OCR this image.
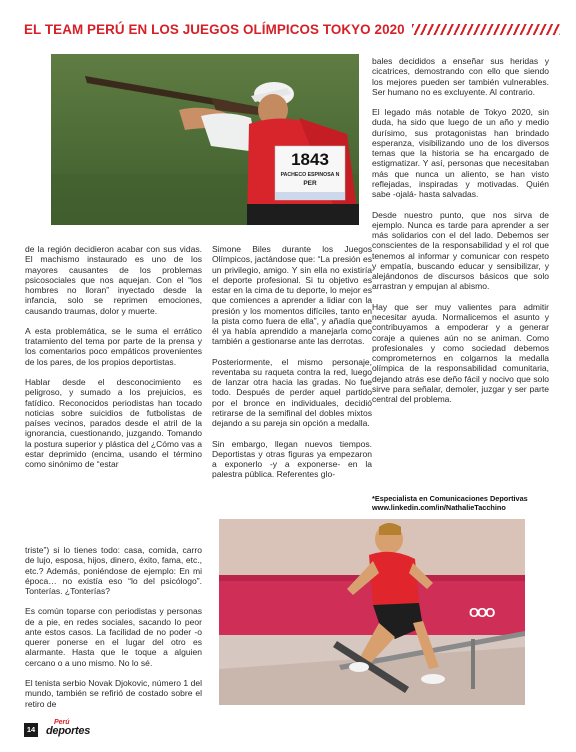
EL TEAM PERÚ EN LOS JUEGOS OLÍMPICOS TOKYO 2020
1843
PACHECO ESPINOSA N
PER

de la región decidieron acabar con sus vidas. El machismo instaurado es uno de los mayores causantes de los problemas psicosociales que nos aquejan. Con el “los hombres no lloran” inyectado desde la infancia, solo se reprimen emociones, causando traumas, dolor y muerte.

A esta problemática, se le suma el errático tratamiento del tema por parte de la prensa y los comentarios poco empáticos provenientes de los pares, de los propios deportistas.

Hablar desde el desconocimiento es peligroso, y sumado a los prejuicios, es fatídico. Reconocidos periodistas han tocado noticias sobre suicidios de futbolistas de países vecinos, parados desde el atril de la ignorancia, cuestionando, juzgando. Tomando la postura superior y plástica del ¿Cómo vas a estar deprimido (encima, usando el término como sinónimo de “estar

triste”) si lo tienes todo: casa, comida, carro de lujo, esposa, hijos, dinero, éxito, fama, etc., etc.? Además, poniéndose de ejemplo: En mi época… no existía eso “lo del psicólogo”. Tonterías. ¿Tonterías?

Es común toparse con periodistas y personas de a pie, en redes sociales, sacando lo peor ante estos casos. La facilidad de no poder -o querer ponerse en el lugar del otro es alarmante. Hasta que le toque a alguien cercano o a uno mismo. No lo sé.

El tenista serbio Novak Djokovic, número 1 del mundo, también se refirió de costado sobre el retiro de

Simone Biles durante los Juegos Olímpicos, jactándose que: “La presión es un privilegio, amigo. Y sin ella no existiría el deporte profesional. Si tu objetivo es estar en la cima de tu deporte, lo mejor es que comiences a aprender a lidiar con la presión y los momentos difíciles, tanto en la pista como fuera de ella”, y añadía que él ya había aprendido a manejarla como también a gestionarse ante las derrotas.

Posteriormente, el mismo personaje, reventaba su raqueta contra la red, luego de lanzar otra hacia las gradas. No fue todo. Después de perder aquel partido por el bronce en individuales, decidió retirarse de la semifinal del dobles mixtos dejando a su pareja sin opción a medalla.

Sin embargo, llegan nuevos tiempos. Deportistas y otras figuras ya empezaron a exponerlo -y a exponerse- en la palestra pública. Referentes glo-

bales decididos a enseñar sus heridas y cicatrices, demostrando con ello que siendo los mejores pueden ser también vulnerables. Ser humano no es excluyente. Al contrario.

El legado más notable de Tokyo 2020, sin duda, ha sido que luego de un año y medio durísimo, sus protagonistas han brindado esperanza, visibilizando uno de los diversos temas que la historia se ha encargado de estigmatizar. Y así, personas que necesitaban más que nunca un aliento, se han visto reflejadas, inspiradas y motivadas. Quién sabe -ojalá- hasta salvadas.

Desde nuestro punto, que nos sirva de ejemplo. Nunca es tarde para aprender a ser más solidarios con el del lado. Debemos ser conscientes de la responsabilidad y el rol que tenemos al informar y comunicar con respeto y empatía, buscando educar y sensibilizar, y alejándonos de discursos básicos que solo arrastran y empujan al abismo.

Hay que ser muy valientes para admitir necesitar ayuda. Normalicemos el asunto y contribuyamos a empoderar y a generar coraje a quienes aún no se animan. Como profesionales y como sociedad debemos comprometernos en colgarnos la medalla olímpica de la responsabilidad comunitaria, dejando atrás ese deño fácil y nocivo que solo sirve para señalar, demoler, juzgar y ser parte central del problema.

*Especialista en Comunicaciones Deportivas
www.linkedin.com/in/NathalieTacchino
OOO
14
Perú
deportes
